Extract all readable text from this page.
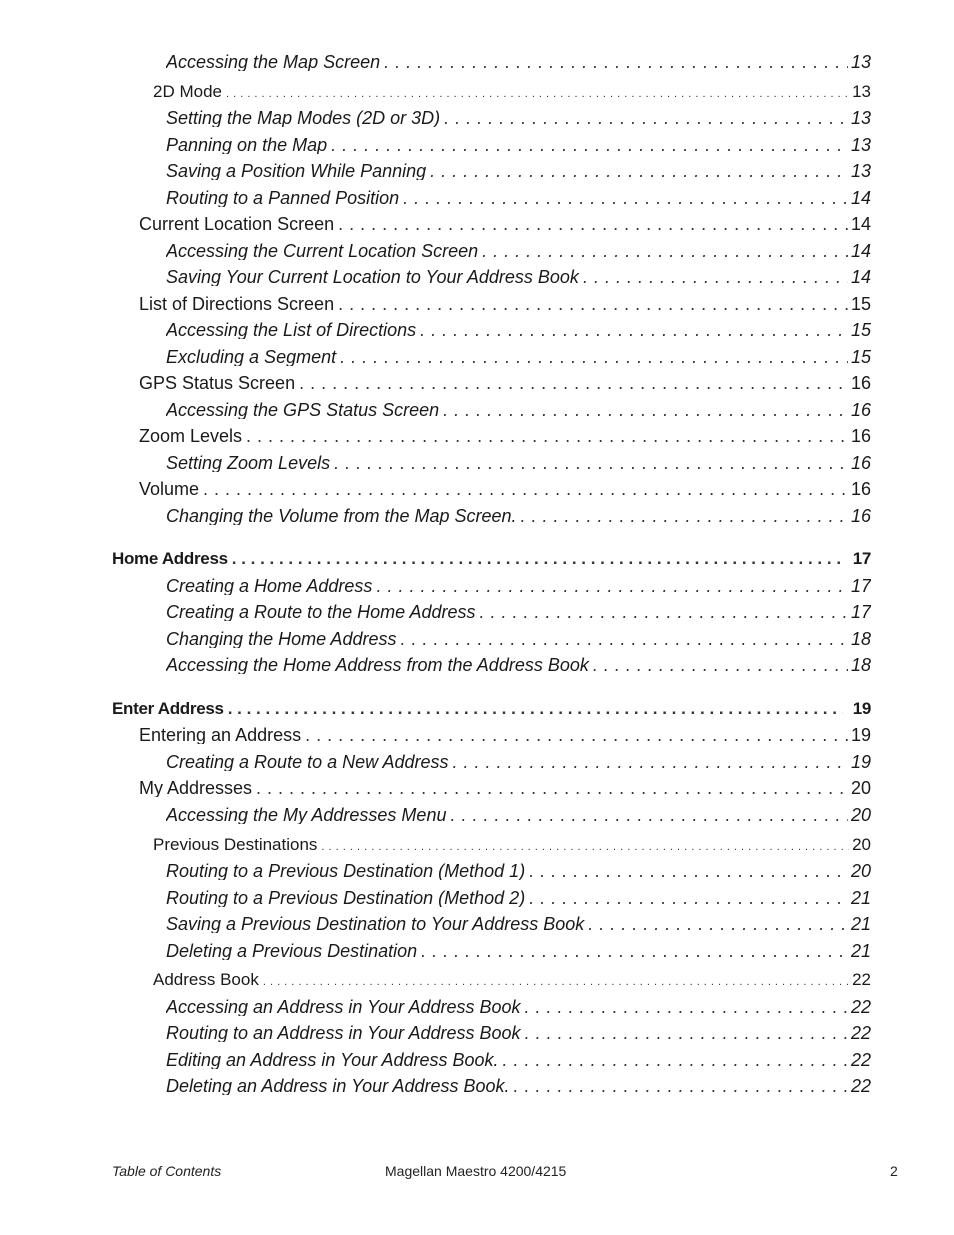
Accessing the Map Screen . . .	13
2D Mode . . .	13
Setting the Map Modes (2D or 3D) . . .	13
Panning on the Map . . .	13
Saving a Position While Panning . . .	13
Routing to a Panned Position . . .	14
Current Location Screen . . .	14
Accessing the Current Location Screen . . .	14
Saving Your Current Location to Your Address Book . . .	14
List of Directions Screen . . .	15
Accessing the List of Directions . . .	15
Excluding a Segment . . .	15
GPS Status Screen . . .	16
Accessing the GPS Status Screen . . .	16
Zoom Levels . . .	16
Setting Zoom Levels . . .	16
Volume . . .	16
Changing the Volume from the Map Screen. . . .	16
Home Address . . .	17
Creating a Home Address . . .	17
Creating a Route to the Home Address . . .	17
Changing the Home Address . . .	18
Accessing the Home Address from the Address Book . . .	18
Enter Address . . .	19
Entering an Address . . .	19
Creating a Route to a New Address . . .	19
My Addresses . . .	20
Accessing the My Addresses Menu . . .	20
Previous Destinations . . .	20
Routing to a Previous Destination (Method 1) . . .	20
Routing to a Previous Destination (Method 2) . . .	21
Saving a Previous Destination to Your Address Book . . .	21
Deleting a Previous Destination . . .	21
Address Book . . .	22
Accessing an Address in Your Address Book . . .	22
Routing to an Address in Your Address Book . . .	22
Editing an Address in Your Address Book. . . .	22
Deleting an Address in Your Address Book. . . .	22
Table of Contents	Magellan Maestro 4200/4215	2
